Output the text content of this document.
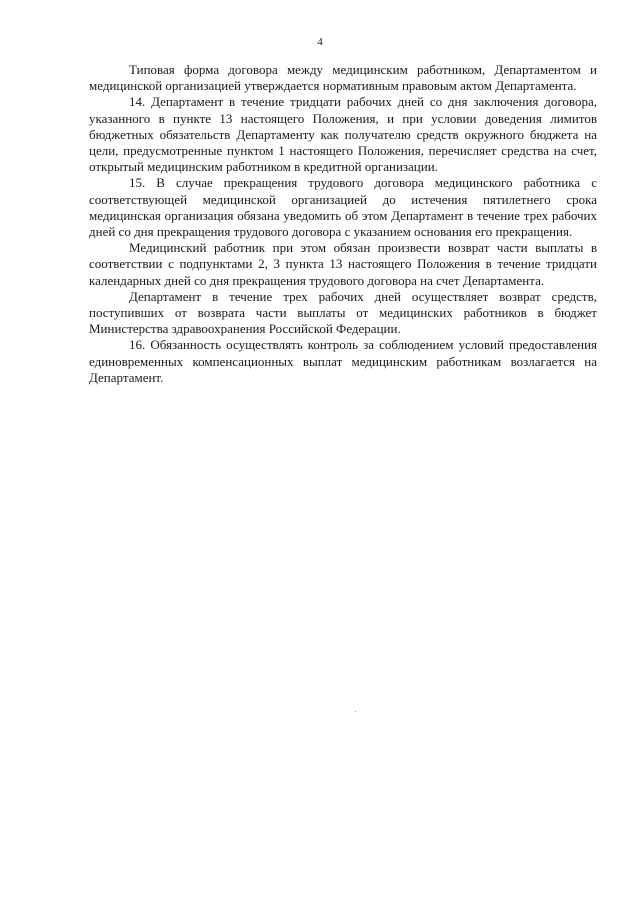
4

Типовая форма договора между медицинским работником, Департаментом и медицинской организацией утверждается нормативным правовым актом Департамента.

14. Департамент в течение тридцати рабочих дней со дня заключения договора, указанного в пункте 13 настоящего Положения, и при условии доведения лимитов бюджетных обязательств Департаменту как получателю средств окружного бюджета на цели, предусмотренные пунктом 1 настоящего Положения, перечисляет средства на счет, открытый медицинским работником в кредитной организации.

15. В случае прекращения трудового договора медицинского работника с соответствующей медицинской организацией до истечения пятилетнего срока медицинская организация обязана уведомить об этом Департамент в течение трех рабочих дней со дня прекращения трудового договора с указанием основания его прекращения.

Медицинский работник при этом обязан произвести возврат части выплаты в соответствии с подпунктами 2, 3 пункта 13 настоящего Положения в течение тридцати календарных дней со дня прекращения трудового договора на счет Департамента.

Департамент в течение трех рабочих дней осуществляет возврат средств, поступивших от возврата части выплаты от медицинских работников в бюджет Министерства здравоохранения Российской Федерации.

16. Обязанность осуществлять контроль за соблюдением условий предоставления единовременных компенсационных выплат медицинским работникам возлагается на Департамент.
